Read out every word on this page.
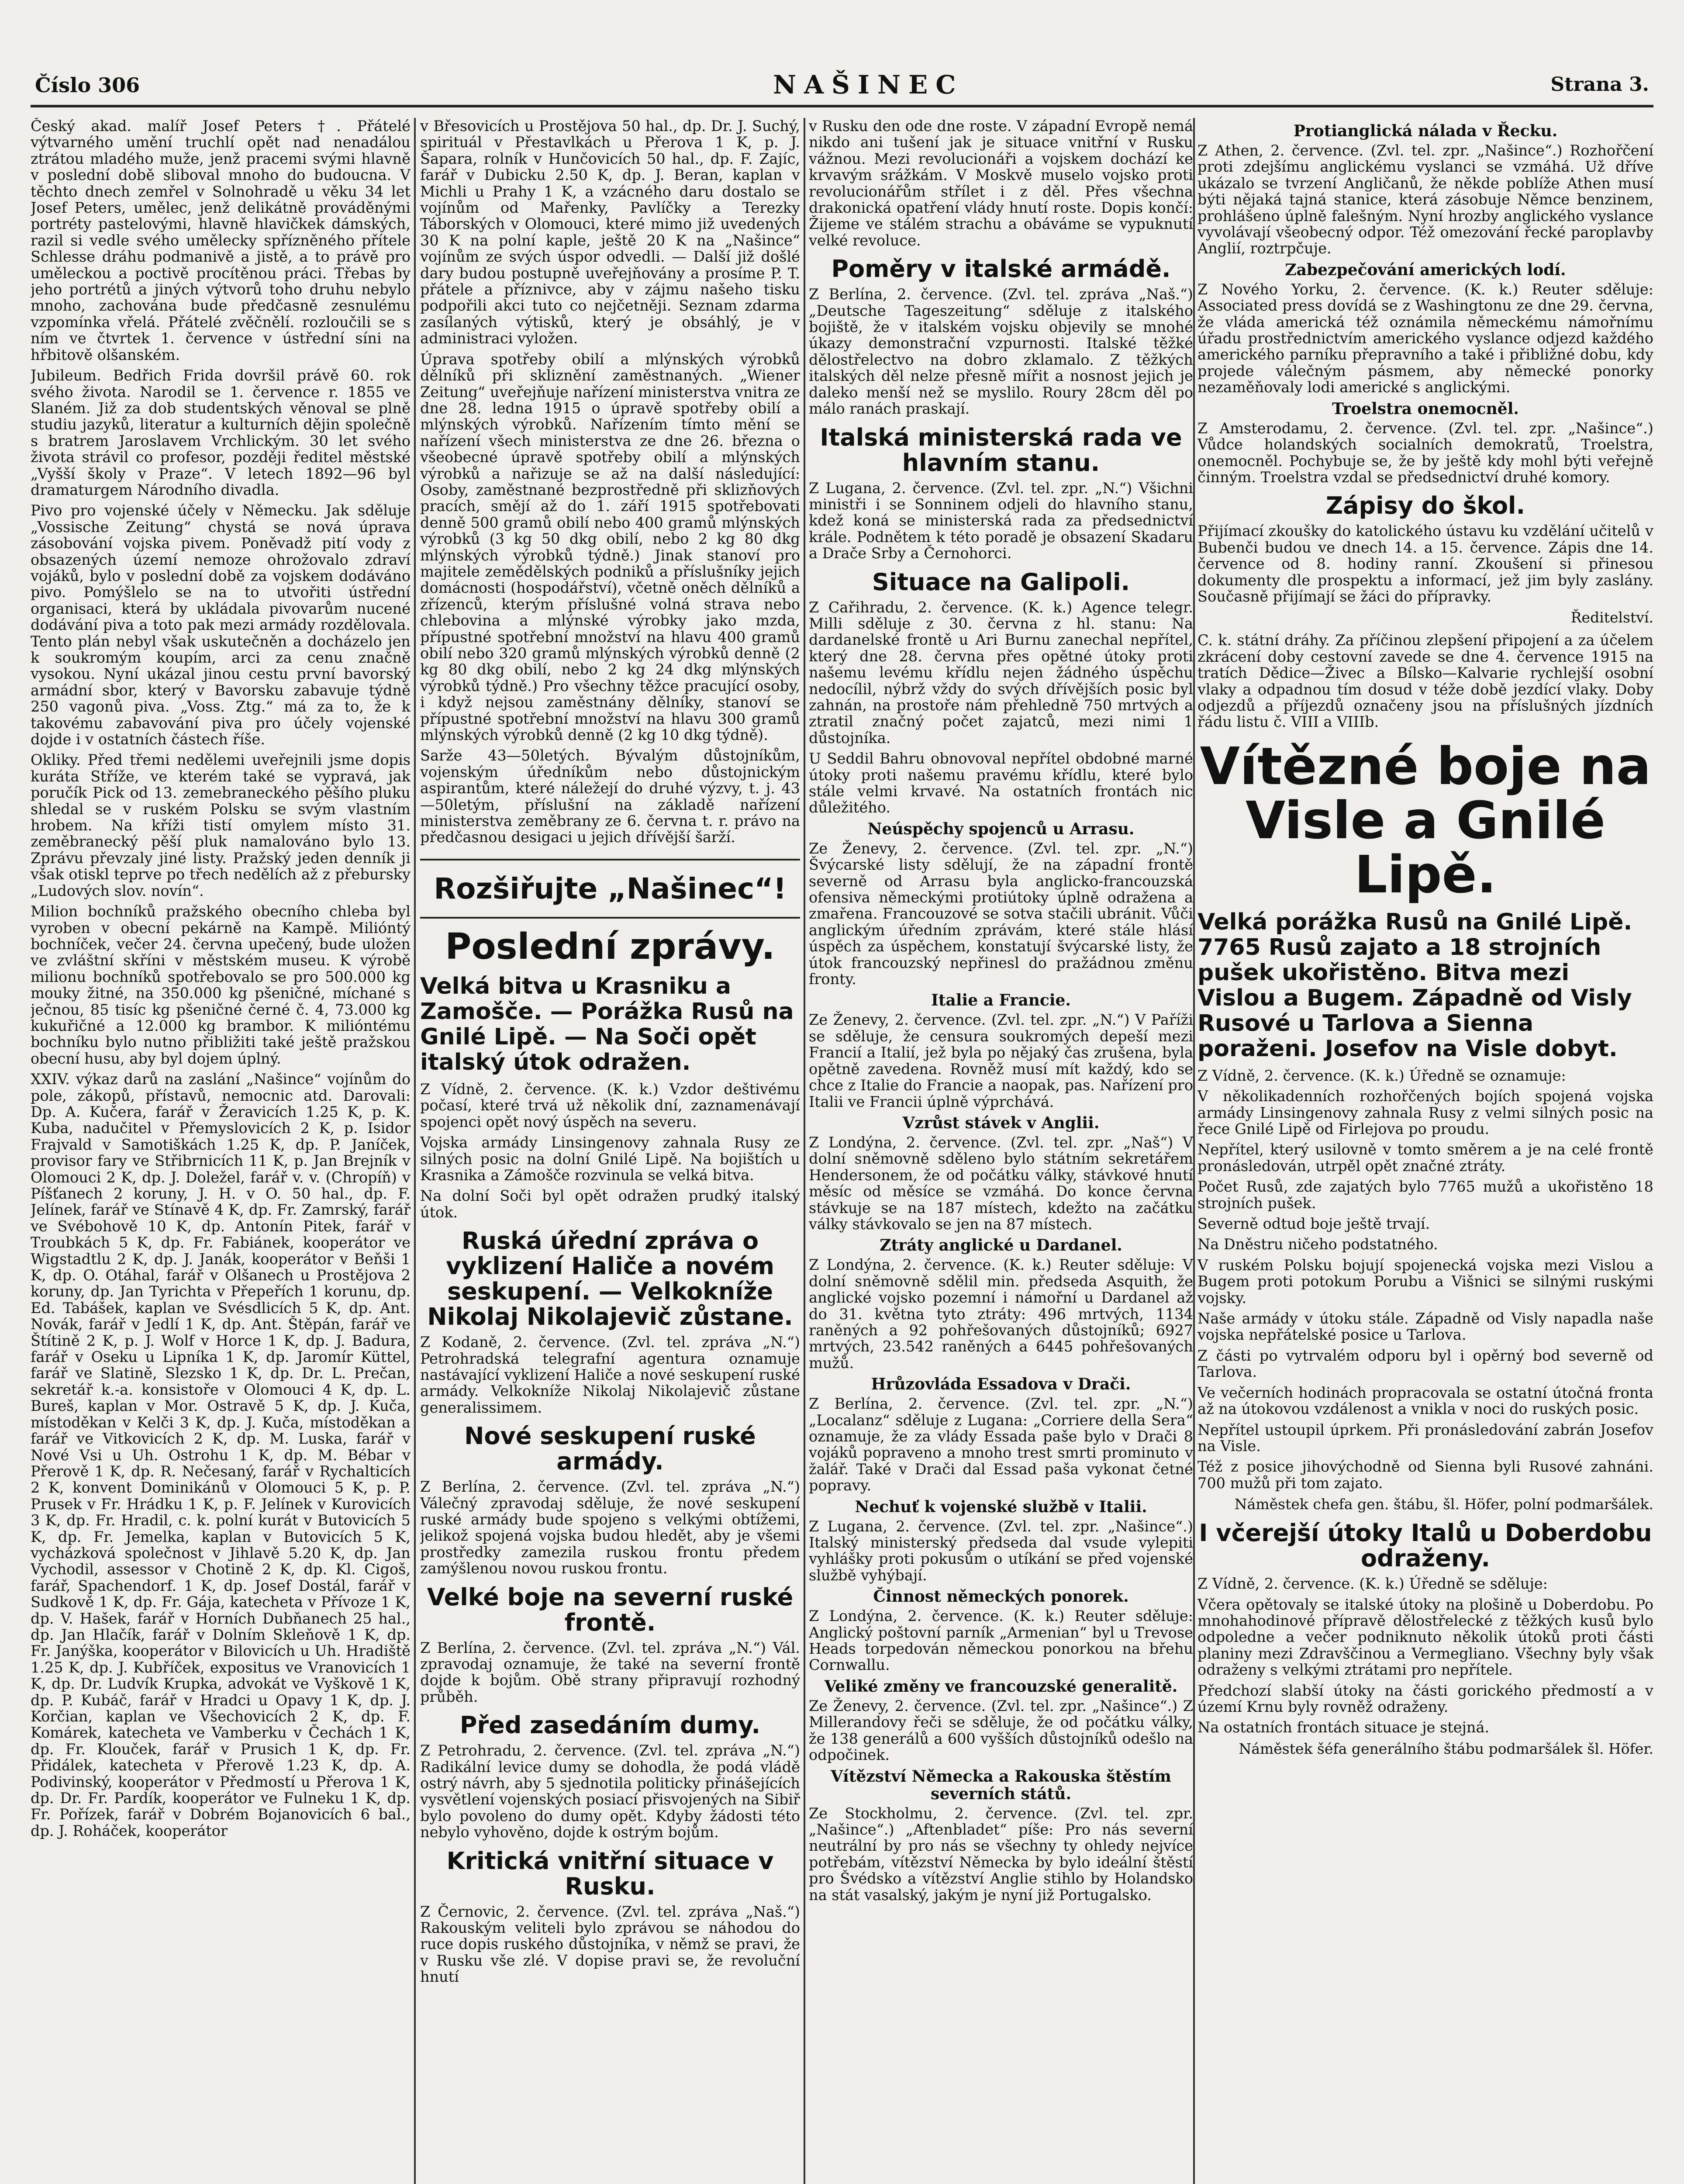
Číslo 306	NAŠINEC	Strana 3.

Český akad. malíř Josef Peters †. Přátelé výtvarného umění truchlí opět nad nenadálou ztrátou mladého muže, jenž pracemi svými hlavně v poslední době sliboval mnoho do budoucna. V těchto dnech zemřel v Solnohradě u věku 34 let Josef Peters, umělec, jenž delikátně prováděnými portréty pastelovými, hlavně hlavičkek dámských, razil si vedle svého umělecky spřízněného přítele Schlesse dráhu podmanivě a jistě, a to právě pro uměleckou a poctivě procítěnou práci. Třebas by jeho portrétů a jiných výtvorů toho druhu nebylo mnoho, zachována bude předčasně zesnulému vzpomínka vřelá. Přátelé zvěčnělí. rozloučili se s ním ve čtvrtek 1. července v ústřední síni na hřbitově olšanském.

Jubileum. Bedřich Frida dovršil právě 60. rok svého života. Narodil se 1. července r. 1855 ve Slaném. Již za dob studentských věnoval se plně studiu jazyků, literatur a kulturních dějin společně s bratrem Jaroslavem Vrchlickým. 30 let svého života strávil co profesor, později ředitel městské „Vyšší školy v Praze“. V letech 1892—96 byl dramaturgem Národního divadla.

Pivo pro vojenské účely v Německu. Jak sděluje „Vossische Zeitung“ chystá se nová úprava zásobování vojska pivem. Poněvadž pití vody z obsazených území nemoze ohrožovalo zdraví vojáků, bylo v poslední době za vojskem dodáváno pivo. Pomýšlelo se na to utvořiti ústřední organisaci, která by ukládala pivovarům nucené dodávání piva a toto pak mezi armády rozdělovala. Tento plán nebyl však uskutečněn a docházelo jen k soukromým koupím, arci za cenu značně vysokou. Nyní ukázal jinou cestu první bavorský armádní sbor, který v Bavorsku zabavuje týdně 250 vagonů piva. „Voss. Ztg.“ má za to, že k takovému zabavování piva pro účely vojenské dojde i v ostatních částech říše.

Okliky. Před třemi nedělemi uveřejnili jsme dopis kuráta Stříže, ve kterém také se vypravá, jak poručík Pick od 13. zemebraneckého pěšího pluku shledal se v ruském Polsku se svým vlastním hrobem. Na kříži tistí omylem místo 31. zeměbranecký pěší pluk namalováno bylo 13. Zprávu převzaly jiné listy. Pražský jeden denník ji však otiskl teprve po třech nedělích až z přebursky „Ludových slov. novín“.

Milion bochníků pražského obecního chleba byl vyroben v obecní pekárně na Kampě. Milióntý bochníček, večer 24. června upečený, bude uložen ve zvláštní skříni v městském museu. K výrobě milionu bochníků spotřebovalo se pro 500.000 kg mouky žitné, na 350.000 kg pšeničné, míchané s ječnou, 85 tisíc kg pšeničné černé č. 4, 73.000 kg kukuřičné a 12.000 kg brambor. K milióntému bochníku bylo nutno přibližiti také ještě pražskou obecní husu, aby byl dojem úplný.

XXIV. výkaz darů na zaslání „Našince“ vojínům do pole, zákopů, přístavů, nemocnic atd. Darovali: Dp. A. Kučera, farář v Žeravicích 1.25 K, p. K. Kuba, nadučitel v Přemyslovicích 2 K, p. Isidor Frajvald v Samotiškách 1.25 K, dp. P. Janíček, provisor fary ve Střibrnicích 11 K, p. Jan Brejník v Olomouci 2 K, dp. J. Doležel, farář v. v. (Chropíň) v Píšťanech 2 koruny, J. H. v O. 50 hal., dp. F. Jelínek, farář ve Stínavě 4 K, dp. Fr. Zamrský, farář ve Svébohově 10 K, dp. Antonín Pitek, farář v Troubkách 5 K, dp. Fr. Fabiánek, kooperátor ve Wigstadtlu 2 K, dp. J. Janák, kooperátor v Beňši 1 K, dp. O. Otáhal, farář v Olšanech u Prostějova 2 koruny, dp. Jan Tyrichta v Přepeřích 1 korunu, dp. Ed. Tabášek, kaplan ve Svésdlicích 5 K, dp. Ant. Novák, farář v Jedlí 1 K, dp. Ant. Štěpán, farář ve Štítině 2 K, p. J. Wolf v Horce 1 K, dp. J. Badura, farář v Oseku u Lipníka 1 K, dp. Jaromír Küttel, farář ve Slatině, Slezsko 1 K, dp. Dr. L. Prečan, sekretář k.-a. konsistoře v Olomouci 4 K, dp. L. Bureš, kaplan v Mor. Ostravě 5 K, dp. J. Kuča, místoděkan v Kelči 3 K, dp. J. Kuča, místoděkan a farář ve Vitkovicích 2 K, dp. M. Luska, farář v Nové Vsi u Uh. Ostrohu 1 K, dp. M. Bébar v Přerově 1 K, dp. R. Nečesaný, farář v Rychalticích 2 K, konvent Dominikánů v Olomouci 5 K, p. P. Prusek v Fr. Hrádku 1 K, p. F. Jelínek v Kurovicích 3 K, dp. Fr. Hradil, c. k. polní kurát v Butovicích 5 K, dp. Fr. Jemelka, kaplan v Butovicích 5 K, vycházková společnost v Jihlavě 5.20 K, dp. Jan Vychodil, assessor v Chotině 2 K, dp. Kl. Cigoš, farář, Spachendorf. 1 K, dp. Josef Dostál, farář v Sudkově 1 K, dp. Fr. Gája, katecheta v Přívoze 1 K, dp. V. Hašek, farář v Horních Dubňanech 25 hal., dp. Jan Hlačík, farář v Dolním Skleňově 1 K, dp. Fr. Janýška, kooperátor v Bilovicích u Uh. Hradiště 1.25 K, dp. J. Kubříček, expositus ve Vranovicích 1 K, dp. Dr. Ludvík Krupka, advokát ve Vyškově 1 K, dp. P. Kubáč, farář v Hradci u Opavy 1 K, dp. J. Korčian, kaplan ve Všechovicích 2 K, dp. F. Komárek, katecheta ve Vamberku v Čechách 1 K, dp. Fr. Klouček, farář v Prusich 1 K, dp. Fr. Přidálek, katecheta v Přerově 1.23 K, dp. A. Podivinský, kooperátor v Předmostí u Přerova 1 K, dp. Dr. Fr. Pardík, kooperátor ve Fulneku 1 K, dp. Fr. Pořízek, farář v Dobrém Bojanovicích 6 bal., dp. J. Roháček, kooperátor

v Břesovicích u Prostějova 50 hal., dp. Dr. J. Suchý, spirituál v Přestavlkách u Přerova 1 K, p. J. Šapara, rolník v Hunčovicích 50 hal., dp. F. Zajíc, farář v Dubicku 2.50 K, dp. J. Beran, kaplan v Michli u Prahy 1 K, a vzácného daru dostalo se vojínům od Mařenky, Pavlíčky a Terezky Táborských v Olomouci, které mimo již uvedených 30 K na polní kaple, ještě 20 K na „Našince“ vojínům ze svých úspor odvedli. — Další již došlé dary budou postupně uveřejňovány a prosíme P. T. přátele a příznivce, aby v zájmu našeho tisku podpořili akci tuto co nejčetněji. Seznam zdarma zasílaných výtisků, který je obsáhlý, je v administraci vyložen.

Úprava spotřeby obilí a mlýnských výrobků dělníků při skliznění zaměstnaných. „Wiener Zeitung“ uveřejňuje nařízení ministerstva vnitra ze dne 28. ledna 1915 o úpravě spotřeby obilí a mlýnských výrobků. Nařízením tímto mění se nařízení všech ministerstva ze dne 26. března o všeobecné úpravě spotřeby obilí a mlýnských výrobků a nařizuje se až na další následující: Osoby, zaměstnané bezprostředně při sklizňových pracích, smějí až do 1. září 1915 spotřebovati denně 500 gramů obilí nebo 400 gramů mlýnských výrobků (3 kg 50 dkg obilí, nebo 2 kg 80 dkg mlýnských výrobků týdně.) Jinak stanoví pro majitele zemědělských podniků a příslušníky jejich domácnosti (hospodářství), včetně oněch dělníků a zřízenců, kterým příslušné volná strava nebo chlebovina a mlýnské výrobky jako mzda, přípustné spotřební množství na hlavu 400 gramů obilí nebo 320 gramů mlýnských výrobků denně (2 kg 80 dkg obilí, nebo 2 kg 24 dkg mlýnských výrobků týdně.) Pro všechny těžce pracující osoby, i když nejsou zaměstnány dělníky, stanoví se přípustné spotřební množství na hlavu 300 gramů mlýnských výrobků denně (2 kg 10 dkg týdně).

Sarže 43—50letých. Bývalým důstojníkům, vojenským úředníkům nebo důstojnickým aspirantům, které náležejí do druhé výzvy, t. j. 43—50letým, příslušní na základě nařízení ministerstva zeměbrany ze 6. června t. r. právo na předčasnou desigaci u jejich dřívější šarží.

Rozšiřujte „Našinec“!
Poslední zprávy.
Velká bitva u Krasniku a Zamošče. — Porážka Rusů na Gnilé Lipě. — Na Soči opět italský útok odražen.

Z Vídně, 2. července. (K. k.) Vzdor deštivému počasí, které trvá už několik dní, zaznamenávají spojenci opět nový úspěch na severu.

Vojska armády Linsingenovy zahnala Rusy ze silných posic na dolní Gnilé Lipě. Na bojištích u Krasnika a Zámošče rozvinula se velká bitva.

Na dolní Soči byl opět odražen prudký italský útok.

Ruská úřední zpráva o vyklizení Haliče a novém seskupení. — Velkokníže Nikolaj Nikolajevič zůstane.

Z Kodaně, 2. července. (Zvl. tel. zpráva „N.“) Petrohradská telegrafní agentura oznamuje nastávající vyklizení Haliče a nové seskupení ruské armády. Velkokníže Nikolaj Nikolajevič zůstane generalissimem.

Nové seskupení ruské armády.

Z Berlína, 2. července. (Zvl. tel. zpráva „N.“) Válečný zpravodaj sděluje, že nové seskupení ruské armády bude spojeno s velkými obtížemi, jelikož spojená vojska budou hledět, aby je všemi prostředky zamezila ruskou frontu předem zamýšlenou novou ruskou frontu.

Velké boje na severní ruské frontě.

Z Berlína, 2. července. (Zvl. tel. zpráva „N.“) Vál. zpravodaj oznamuje, že také na severní frontě dojde k bojům. Obě strany připravují rozhodný průběh.

Před zasedáním dumy.

Z Petrohradu, 2. července. (Zvl. tel. zpráva „N.“) Radikální levice dumy se dohodla, že podá vládě ostrý návrh, aby 5 sjednotila politicky přinášejících vysvětlení vojenských posiací přisvojených na Sibiř bylo povoleno do dumy opět. Kdyby žádosti této nebylo vyhověno, dojde k ostrým bojům.

Kritická vnitřní situace v Rusku.

Z Černovic, 2. července. (Zvl. tel. zpráva „Naš.“) Rakouským veliteli bylo zprávou se náhodou do ruce dopis ruského důstojníka, v němž se pravi, že v Rusku vše zlé. V dopise pravi se, že revoluční hnutí

v Rusku den ode dne roste. V západní Evropě nemá nikdo ani tušení jak je situace vnitřní v Rusku vážnou. Mezi revolucionáři a vojskem dochází ke krvavým srážkám. V Moskvě muselo vojsko proti revolucionářům střílet i z děl. Přes všechna drakonická opatření vlády hnutí roste. Dopis končí: Žijeme ve stálém strachu a obáváme se vypuknutí velké revoluce.

Poměry v italské armádě.

Z Berlína, 2. července. (Zvl. tel. zpráva „Naš.“) „Deutsche Tageszeitung“ sděluje z italského bojiště, že v italském vojsku objevily se mnohé úkazy demonstrační vzpurnosti. Italské těžké dělostřelectvo na dobro zklamalo. Z těžkých italských děl nelze přesně mířit a nosnost jejich je daleko menší než se myslilo. Roury 28cm děl po málo ranách praskají.

Italská ministerská rada ve hlavním stanu.

Z Lugana, 2. července. (Zvl. tel. zpr. „N.“) Všichni ministři i se Sonninem odjeli do hlavního stanu, kdež koná se ministerská rada za předsednictví krále. Podnětem k této poradě je obsazení Skadaru a Drače Srby a Černohorci.

Situace na Galipoli.

Z Cařihradu, 2. července. (K. k.) Agence telegr. Milli sděluje z 30. června z hl. stanu: Na dardanelské frontě u Ari Burnu zanechal nepřítel, který dne 28. června přes opětné útoky proti našemu levému křídlu nejen žádného úspěchu nedocílil, nýbrž vždy do svých dřívějších posic byl zahnán, na prostoře nám přehledně 750 mrtvých a ztratil značný počet zajatců, mezi nimi 1 důstojníka.

U Seddil Bahru obnovoval nepřítel obdobné marné útoky proti našemu pravému křídlu, které bylo stále velmi krvavé. Na ostatních frontách nic důležitého.

Neúspěchy spojenců u Arrasu.

Ze Ženevy, 2. července. (Zvl. tel. zpr. „N.“) Švýcarské listy sdělují, že na západní frontě severně od Arrasu byla anglicko-francouzská ofensiva německými protiútoky úplně odražena a zmařena. Francouzové se sotva stačili ubránit. Vůči anglickým úředním zprávám, které stále hlásí úspěch za úspěchem, konstatují švýcarské listy, že útok francouzský nepřinesl do pražádnou změnu fronty.

Italie a Francie.

Ze Ženevy, 2. července. (Zvl. tel. zpr. „N.“) V Paříži se sděluje, že censura soukromých depeší mezi Francií a Italií, jež byla po nějaký čas zrušena, byla opětně zavedena. Rovněž musí mít každý, kdo se chce z Italie do Francie a naopak, pas. Nařízení pro Italii ve Francii úplně výprchává.

Vzrůst stávek v Anglii.

Z Londýna, 2. července. (Zvl. tel. zpr. „Naš“) V dolní sněmovně sděleno bylo státním sekretářem Hendersonem, že od počátku války, stávkové hnutí měsíc od měsíce se vzmáhá. Do konce června stávkuje se na 187 místech, kdežto na začátku války stávkovalo se jen na 87 místech.

Ztráty anglické u Dardanel.

Z Londýna, 2. července. (K. k.) Reuter sděluje: V dolní sněmovně sdělil min. předseda Asquith, že anglické vojsko pozemní i námořní u Dardanel až do 31. května tyto ztráty: 496 mrtvých, 1134 raněných a 92 pohřešovaných důstojníků; 6927 mrtvých, 23.542 raněných a 6445 pohřešovaných mužů.

Hrůzovláda Essadova v Drači.

Z Berlína, 2. července. (Zvl. tel. zpr. „N.“) „Localanz“ sděluje z Lugana: „Corriere della Sera“ oznamuje, že za vlády Essada paše bylo v Drači 8 vojáků popraveno a mnoho trest smrti prominuto v žalář. Také v Drači dal Essad paša vykonat četné popravy.

Nechuť k vojenské službě v Italii.

Z Lugana, 2. července. (Zvl. tel. zpr. „Našince“.) Italský ministerský předseda dal vsude vylepiti vyhlášky proti pokusům o utíkání se před vojenské službě vyhýbají.

Činnost německých ponorek.

Z Londýna, 2. července. (K. k.) Reuter sděluje: Anglický poštovní parník „Armenian“ byl u Trevose Heads torpedován německou ponorkou na břehu Cornwallu.

Veliké změny ve francouzské generalitě.

Ze Ženevy, 2. července. (Zvl. tel. zpr. „Našince“.) Z Millerandovy řeči se sděluje, že od počátku války, že 138 generálů a 600 vyšších důstojníků odešlo na odpočinek.

Vítězství Německa a Rakouska štěstím severních států.

Ze Stockholmu, 2. července. (Zvl. tel. zpr. „Našince“.) „Aftenbladet“ píše: Pro nás severní neutrální by pro nás se všechny ty ohledy nejvíce potřebám, vítězství Německa by bylo ideální štěstí pro Švédsko a vítězství Anglie stihlo by Holandsko na stát vasalský, jakým je nyní již Portugalsko.

Protianglická nálada v Řecku.

Z Athen, 2. července. (Zvl. tel. zpr. „Našince“.) Rozhořčení proti zdejšímu anglickému vyslanci se vzmáhá. Už dříve ukázalo se tvrzení Angličanů, že někde poblíže Athen musí býti nějaká tajná stanice, která zásobuje Němce benzinem, prohlášeno úplně falešným. Nyní hrozby anglického vyslance vyvolávají všeobecný odpor. Též omezování řecké paroplavby Anglií, roztrpčuje.

Zabezpečování amerických lodí.

Z Nového Yorku, 2. července. (K. k.) Reuter sděluje: Associated press dovídá se z Washingtonu ze dne 29. června, že vláda americká též oznámila německému námořnímu úřadu prostřednictvím amerického vyslance odjezd každého amerického parníku přepravního a také i přibližné dobu, kdy projede válečným pásmem, aby německé ponorky nezaměňovaly lodi americké s anglickými.

Troelstra onemocněl.

Z Amsterodamu, 2. července. (Zvl. tel. zpr. „Našince“.) Vůdce holandských socialních demokratů, Troelstra, onemocněl. Pochybuje se, že by ještě kdy mohl býti veřejně činným. Troelstra vzdal se předsednictví druhé komory.

Zápisy do škol.

Přijímací zkoušky do katolického ústavu ku vzdělání učitelů v Bubenči budou ve dnech 14. a 15. července. Zápis dne 14. července od 8. hodiny ranní. Zkoušení si přinesou dokumenty dle prospektu a informací, jež jim byly zaslány. Současně přijímají se žáci do přípravky.

Ředitelství.

C. k. státní dráhy. Za příčinou zlepšení připojení a za účelem zkrácení doby cestovní zavede se dne 4. července 1915 na tratích Dědice—Živec a Bílsko—Kalvarie rychlejší osobní vlaky a odpadnou tím dosud v téže době jezdící vlaky. Doby odjezdů a příjezdů označeny jsou na příslušných jízdních řádu listu č. VIII a VIIIb.

Vítězné boje na Visle a Gnilé Lipě.
Velká porážka Rusů na Gnilé Lipě. 7765 Rusů zajato a 18 strojních pušek ukořistěno. Bitva mezi Vislou a Bugem. Západně od Visly Rusové u Tarlova a Sienna poraženi. Josefov na Visle dobyt.

Z Vídně, 2. července. (K. k.) Úředně se oznamuje:

V několikadenních rozhořčených bojích spojená vojska armády Linsingenovy zahnala Rusy z velmi silných posic na řece Gnilé Lipě od Firlejova po proudu.

Nepřítel, který usilovně v tomto směrem a je na celé frontě pronásledován, utrpěl opět značné ztráty.

Počet Rusů, zde zajatých bylo 7765 mužů a ukořistěno 18 strojních pušek.

Severně odtud boje ještě trvají.

Na Dněstru ničeho podstatného.

V ruském Polsku bojují spojenecká vojska mezi Vislou a Bugem proti potokum Porubu a Višnici se silnými ruskými vojsky.

Naše armády v útoku stále. Západně od Visly napadla naše vojska nepřátelské posice u Tarlova.

Z části po vytrvalém odporu byl i opěrný bod severně od Tarlova.

Ve večerních hodinách propracovala se ostatní útočná fronta až na útokovou vzdálenost a vnikla v noci do ruských posic.

Nepřítel ustoupil úprkem. Při pronásledování zabrán Josefov na Visle.

Též z posice jihovýchodně od Sienna byli Rusové zahnáni. 700 mužů při tom zajato.

Náměstek chefa gen. štábu, šl. Höfer, polní podmaršálek.
I včerejší útoky Italů u Doberdobu odraženy.

Z Vídně, 2. července. (K. k.) Úředně se sděluje:

Včera opětovaly se italské útoky na plošině u Doberdobu. Po mnohahodinové přípravě dělostřelecké z těžkých kusů bylo odpoledne a večer podniknuto několik útoků proti části planiny mezi Zdravščinou a Vermegliano. Všechny byly však odraženy s velkými ztrátami pro nepřítele.

Předchozí slabší útoky na části gorického předmostí a v území Krnu byly rovněž odraženy.

Na ostatních frontách situace je stejná.

Náměstek šéfa generálního štábu podmaršálek šl. Höfer.
